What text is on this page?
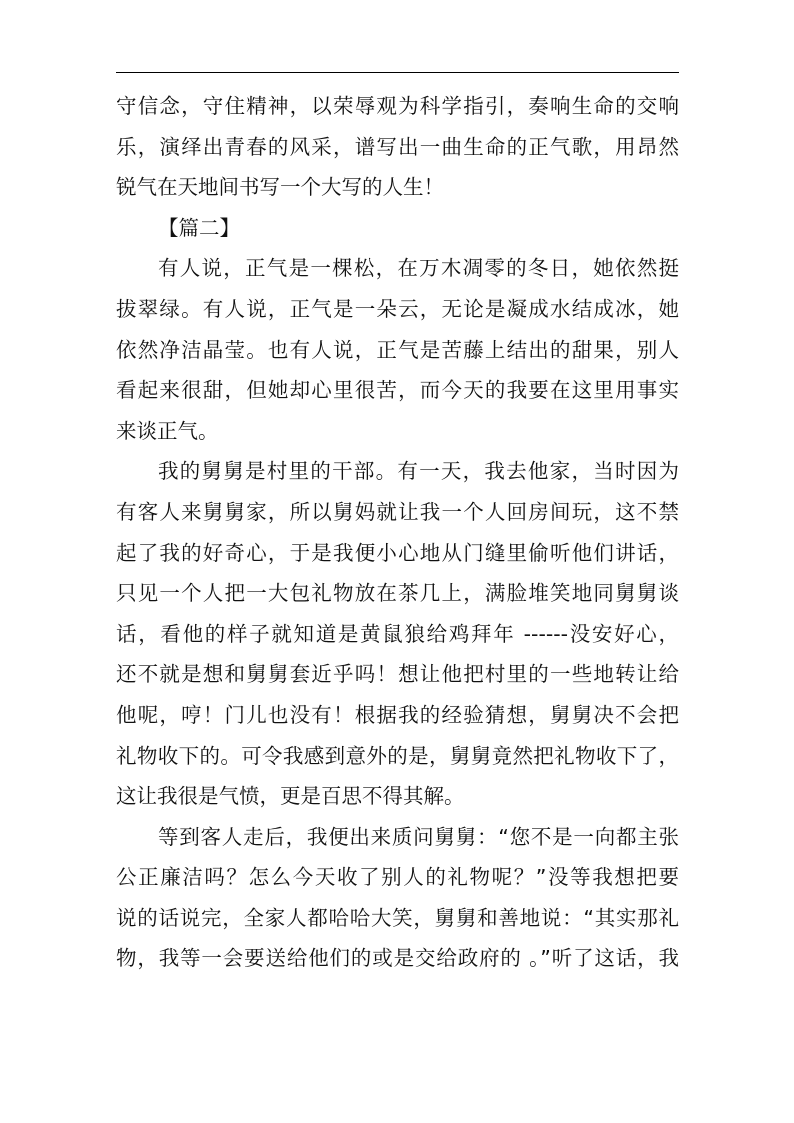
守信念，守住精神，以荣辱观为科学指引，奏响生命的交响
乐，演绎出青春的风采，谱写出一曲生命的正气歌，用昂然
锐气在天地间书写一个大写的人生！
【篇二】
有人说，正气是一棵松，在万木凋零的冬日，她依然挺
拔翠绿。有人说，正气是一朵云，无论是凝成水结成冰，她
依然净洁晶莹。也有人说，正气是苦藤上结出的甜果，别人
看起来很甜，但她却心里很苦，而今天的我要在这里用事实
来谈正气。
我的舅舅是村里的干部。有一天，我去他家，当时因为
有客人来舅舅家，所以舅妈就让我一个人回房间玩，这不禁
起了我的好奇心，于是我便小心地从门缝里偷听他们讲话，
只见一个人把一大包礼物放在茶几上，满脸堆笑地同舅舅谈
话，看他的样子就知道是黄鼠狼给鸡拜年 ------没安好心，
还不就是想和舅舅套近乎吗！想让他把村里的一些地转让给
他呢，哼！门儿也没有！根据我的经验猜想，舅舅决不会把
礼物收下的。可令我感到意外的是，舅舅竟然把礼物收下了，
这让我很是气愤，更是百思不得其解。
等到客人走后，我便出来质问舅舅：“您不是一向都主张
公正廉洁吗？怎么今天收了别人的礼物呢？”没等我想把要
说的话说完，全家人都哈哈大笑，舅舅和善地说：“其实那礼
物，我等一会要送给他们的或是交给政府的 。”听了这话，我
